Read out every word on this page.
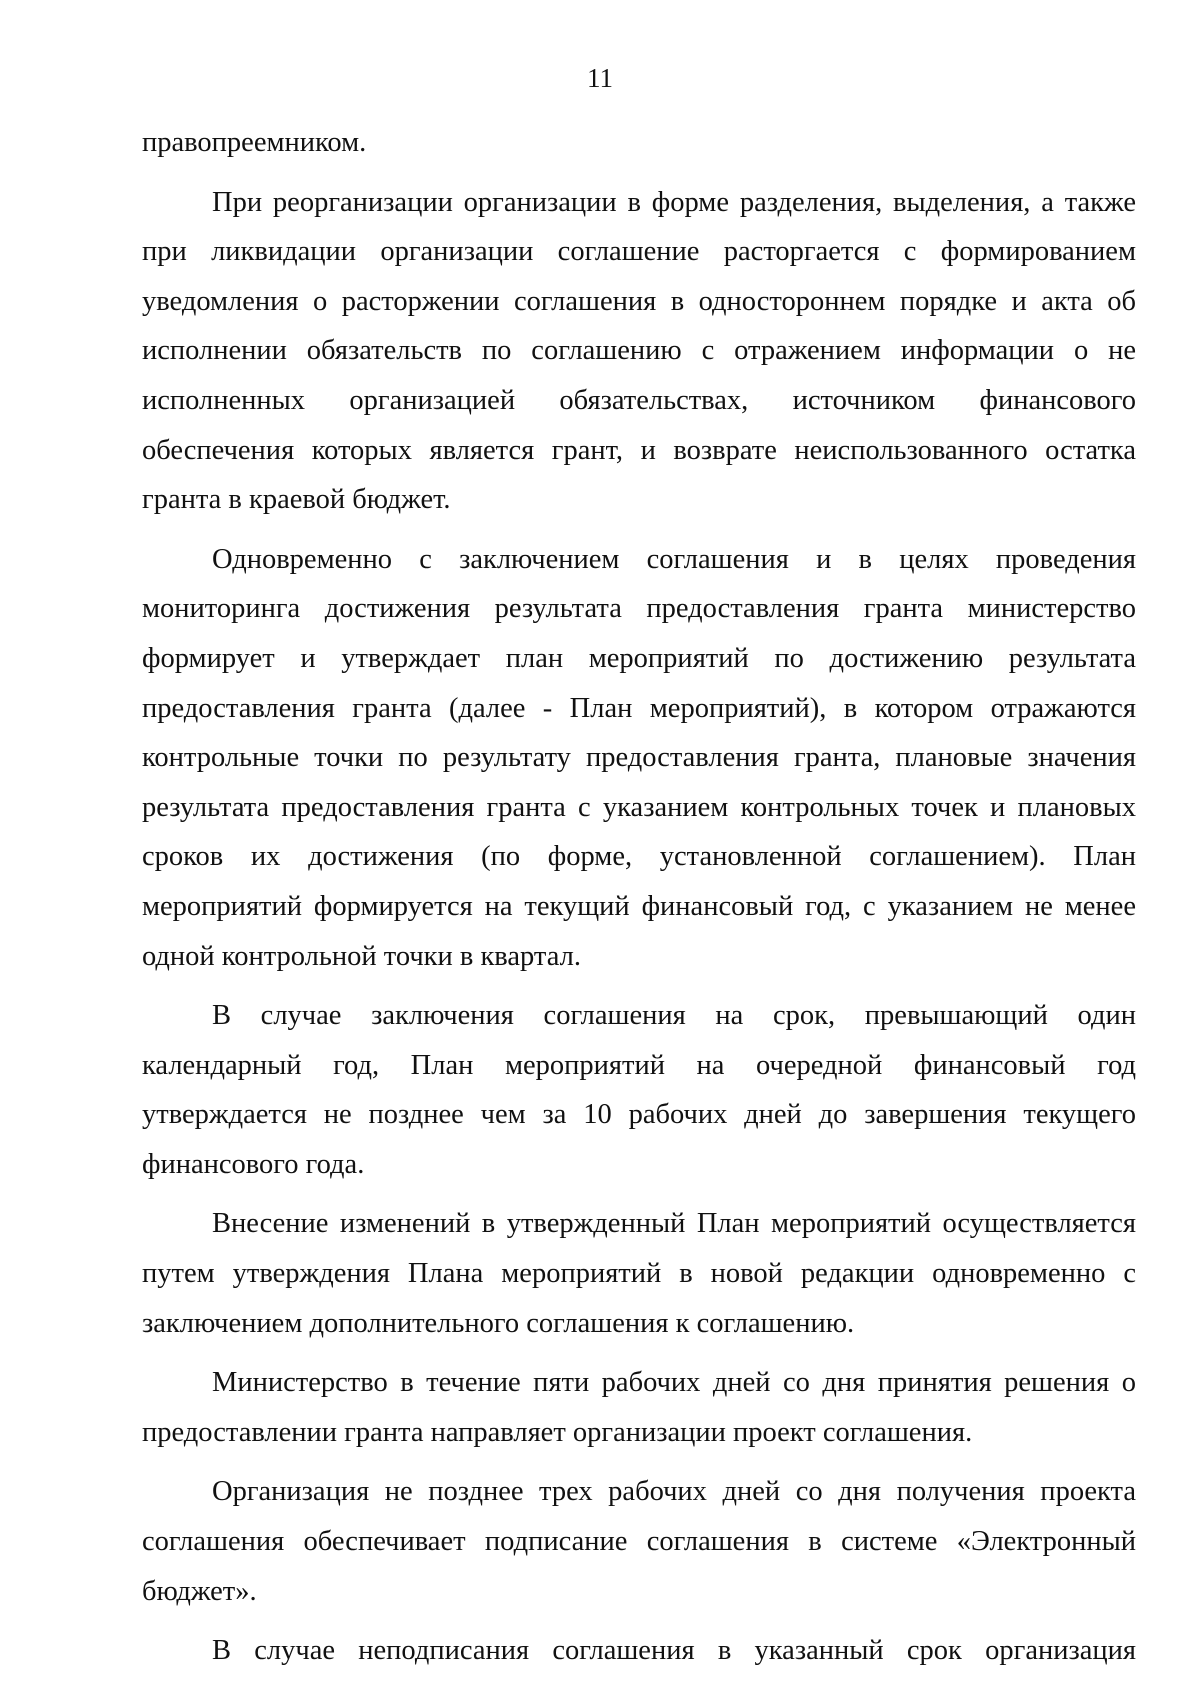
11

правопреемником.

При реорганизации организации в форме разделения, выделения, а также при ликвидации организации соглашение расторгается с формированием уведомления о расторжении соглашения в одностороннем порядке и акта об исполнении обязательств по соглашению с отражением информации о не исполненных организацией обязательствах, источником финансового обеспечения которых является грант, и возврате неиспользованного остатка гранта в краевой бюджет.

Одновременно с заключением соглашения и в целях проведения мониторинга достижения результата предоставления гранта министерство формирует и утверждает план мероприятий по достижению результата предоставления гранта (далее - План мероприятий), в котором отражаются контрольные точки по результату предоставления гранта, плановые значения результата предоставления гранта с указанием контрольных точек и плановых сроков их достижения (по форме, установленной соглашением). План мероприятий формируется на текущий финансовый год, с указанием не менее одной контрольной точки в квартал.

В случае заключения соглашения на срок, превышающий один календарный год, План мероприятий на очередной финансовый год утверждается не позднее чем за 10 рабочих дней до завершения текущего финансового года.

Внесение изменений в утвержденный План мероприятий осуществляется путем утверждения Плана мероприятий в новой редакции одновременно с заключением дополнительного соглашения к соглашению.

Министерство в течение пяти рабочих дней со дня принятия решения о предоставлении гранта направляет организации проект соглашения.

Организация не позднее трех рабочих дней со дня получения проекта соглашения обеспечивает подписание соглашения в системе «Электронный бюджет».

В случае неподписания соглашения в указанный срок организация
